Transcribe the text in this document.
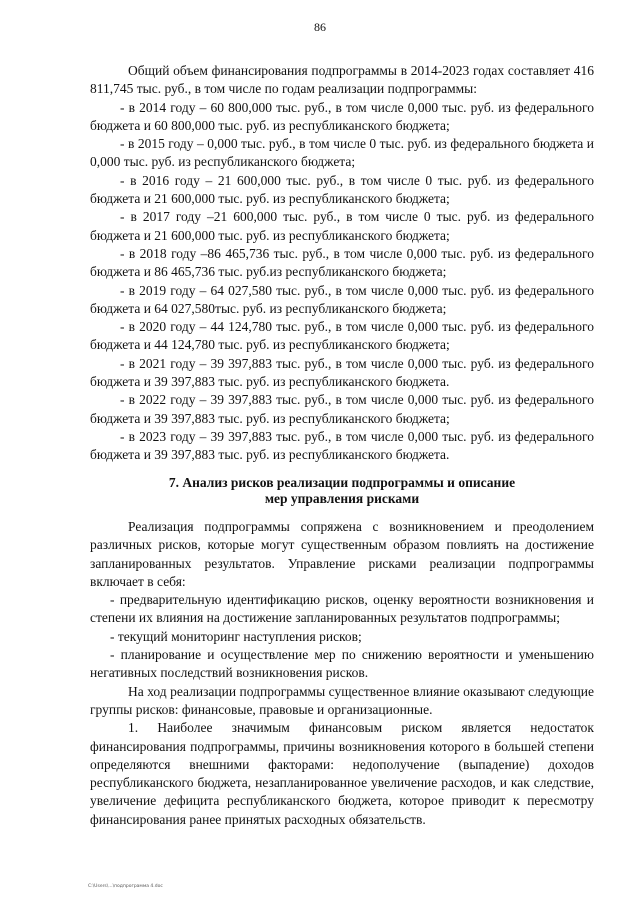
86

Общий объем финансирования подпрограммы в 2014-2023 годах составляет 416 811,745 тыс. руб., в том числе по годам реализации подпрограммы:

- в 2014 году – 60 800,000 тыс. руб., в том числе 0,000 тыс. руб. из федерального бюджета и 60 800,000 тыс. руб. из республиканского бюджета;

- в 2015 году – 0,000 тыс. руб., в том числе 0 тыс. руб. из федерального бюджета и 0,000 тыс. руб. из республиканского бюджета;

- в 2016 году – 21 600,000 тыс. руб., в том числе 0 тыс. руб. из федерального бюджета и 21 600,000 тыс. руб. из республиканского бюджета;

- в 2017 году –21 600,000 тыс. руб., в том числе 0 тыс. руб. из федерального бюджета и 21 600,000 тыс. руб. из республиканского бюджета;

- в 2018 году –86 465,736 тыс. руб., в том числе 0,000 тыс. руб. из федерального бюджета и 86 465,736 тыс. руб.из республиканского бюджета;

- в 2019 году – 64 027,580 тыс. руб., в том числе 0,000 тыс. руб. из федерального бюджета и 64 027,580тыс. руб. из республиканского бюджета;

- в 2020 году – 44 124,780 тыс. руб., в том числе 0,000 тыс. руб. из федерального бюджета и 44 124,780 тыс. руб. из республиканского бюджета;

- в 2021 году – 39 397,883 тыс. руб., в том числе 0,000 тыс. руб. из федерального бюджета и 39 397,883 тыс. руб. из республиканского бюджета.

- в 2022 году – 39 397,883 тыс. руб., в том числе 0,000 тыс. руб. из федерального бюджета и 39 397,883 тыс. руб. из республиканского бюджета;

- в 2023 году – 39 397,883 тыс. руб., в том числе 0,000 тыс. руб. из федерального бюджета и 39 397,883 тыс. руб. из республиканского бюджета.

7. Анализ рисков реализации подпрограммы и описание
мер управления рисками

Реализация подпрограммы сопряжена с возникновением и преодолением различных рисков, которые могут существенным образом повлиять на достижение запланированных результатов. Управление рисками реализации подпрограммы включает в себя:

- предварительную идентификацию рисков, оценку вероятности возникновения и степени их влияния на достижение запланированных результатов подпрограммы;

- текущий мониторинг наступления рисков;

- планирование и осуществление мер по снижению вероятности и уменьшению негативных последствий возникновения рисков.

На ход реализации подпрограммы существенное влияние оказывают следующие группы рисков: финансовые, правовые и организационные.

1. Наиболее значимым финансовым риском является недостаток финансирования подпрограммы, причины возникновения которого в большей степени определяются внешними факторами: недополучение (выпадение) доходов республиканского бюджета, незапланированное увеличение расходов, и как следствие, увеличение дефицита республиканского бюджета, которое приводит к пересмотру финансирования ранее принятых расходных обязательств.

C:\Users\...\подпрограмма 4.doc
